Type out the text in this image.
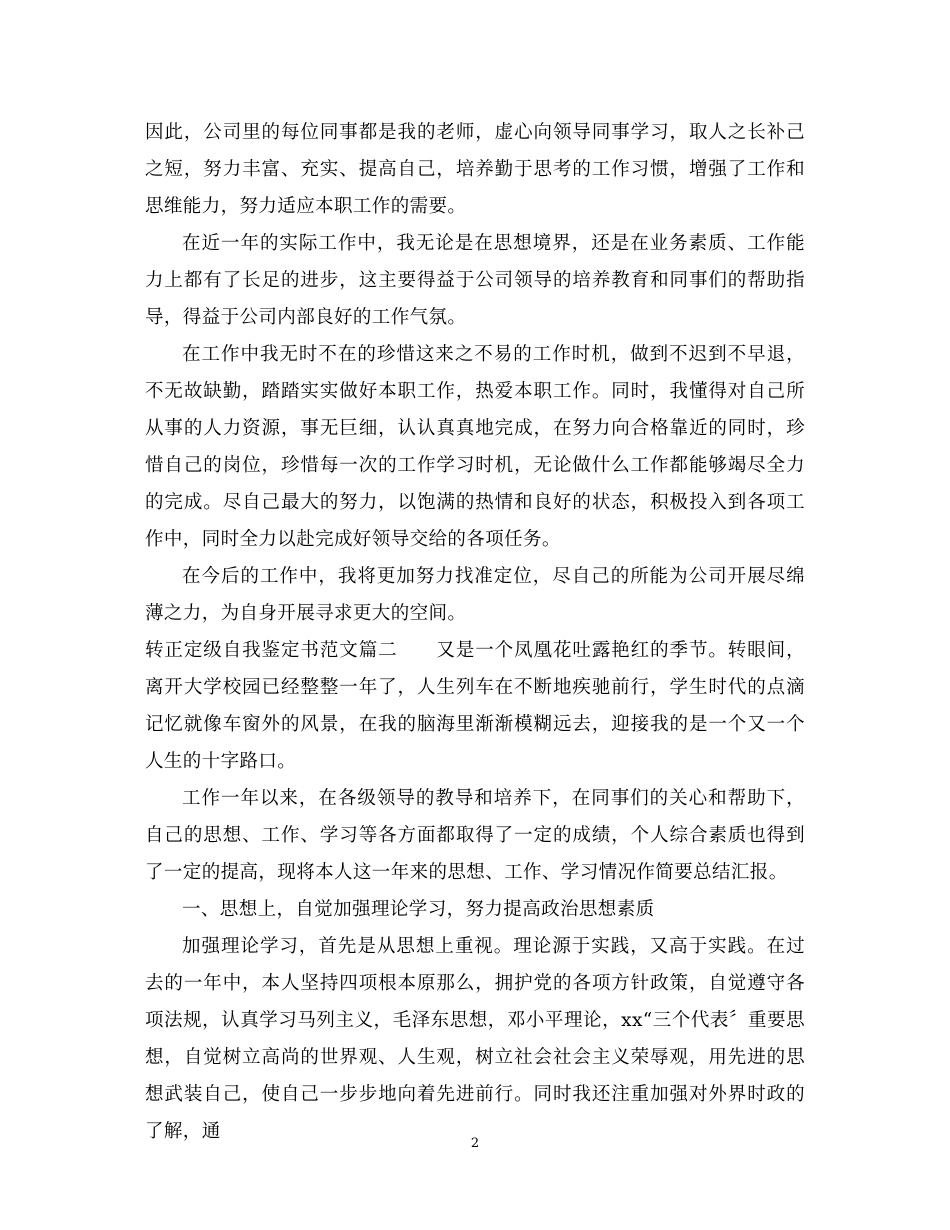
因此，公司里的每位同事都是我的老师，虚心向领导同事学习，取人之长补己之短，努力丰富、充实、提高自己，培养勤于思考的工作习惯，增强了工作和思维能力，努力适应本职工作的需要。

在近一年的实际工作中，我无论是在思想境界，还是在业务素质、工作能力上都有了长足的进步，这主要得益于公司领导的培养教育和同事们的帮助指导，得益于公司内部良好的工作气氛。

在工作中我无时不在的珍惜这来之不易的工作时机，做到不迟到不早退，不无故缺勤，踏踏实实做好本职工作，热爱本职工作。同时，我懂得对自己所从事的人力资源，事无巨细，认认真真地完成，在努力向合格靠近的同时，珍惜自己的岗位，珍惜每一次的工作学习时机，无论做什么工作都能够竭尽全力的完成。尽自己最大的努力，以饱满的热情和良好的状态，积极投入到各项工作中，同时全力以赴完成好领导交给的各项任务。

在今后的工作中，我将更加努力找准定位，尽自己的所能为公司开展尽绵薄之力，为自身开展寻求更大的空间。

转正定级自我鉴定书范文篇二　　又是一个凤凰花吐露艳红的季节。转眼间，离开大学校园已经整整一年了，人生列车在不断地疾驰前行，学生时代的点滴记忆就像车窗外的风景，在我的脑海里渐渐模糊远去，迎接我的是一个又一个人生的十字路口。

工作一年以来，在各级领导的教导和培养下，在同事们的关心和帮助下，自己的思想、工作、学习等各方面都取得了一定的成绩，个人综合素质也得到了一定的提高，现将本人这一年来的思想、工作、学习情况作简要总结汇报。

一、思想上，自觉加强理论学习，努力提高政治思想素质

加强理论学习，首先是从思想上重视。理论源于实践，又高于实践。在过去的一年中，本人坚持四项根本原那么，拥护党的各项方针政策，自觉遵守各项法规，认真学习马列主义，毛泽东思想，邓小平理论，xx“三个代表〞重要思想，自觉树立高尚的世界观、人生观，树立社会社会主义荣辱观，用先进的思想武装自己，使自己一步步地向着先进前行。同时我还注重加强对外界时政的了解，通

2
